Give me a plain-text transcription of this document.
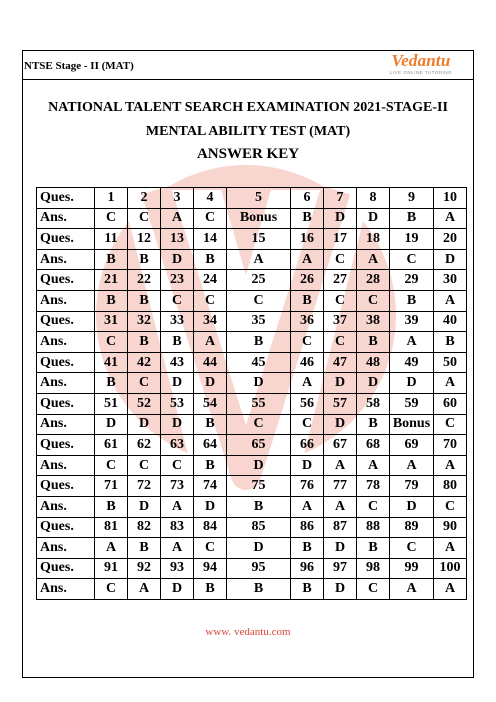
NTSE Stage - II (MAT)	Vedantu
LIVE ONLINE TUTORING
NATIONAL TALENT SEARCH EXAMINATION 2021-STAGE-II
MENTAL ABILITY TEST (MAT)
ANSWER KEY
Ques.	1	2	3	4	5	6	7	8	9	10
Ans.	C	C	A	C	Bonus	B	D	D	B	A
Ques.	11	12	13	14	15	16	17	18	19	20
Ans.	B	B	D	B	A	A	C	A	C	D
Ques.	21	22	23	24	25	26	27	28	29	30
Ans.	B	B	C	C	C	B	C	C	B	A
Ques.	31	32	33	34	35	36	37	38	39	40
Ans.	C	B	B	A	B	C	C	B	A	B
Ques.	41	42	43	44	45	46	47	48	49	50
Ans.	B	C	D	D	D	A	D	D	D	A
Ques.	51	52	53	54	55	56	57	58	59	60
Ans.	D	D	D	B	C	C	D	B	Bonus	C
Ques.	61	62	63	64	65	66	67	68	69	70
Ans.	C	C	C	B	D	D	A	A	A	A
Ques.	71	72	73	74	75	76	77	78	79	80
Ans.	B	D	A	D	B	A	A	C	D	C
Ques.	81	82	83	84	85	86	87	88	89	90
Ans.	A	B	A	C	D	B	D	B	C	A
Ques.	91	92	93	94	95	96	97	98	99	100
Ans.	C	A	D	B	B	B	D	C	A	A
www. vedantu.com
